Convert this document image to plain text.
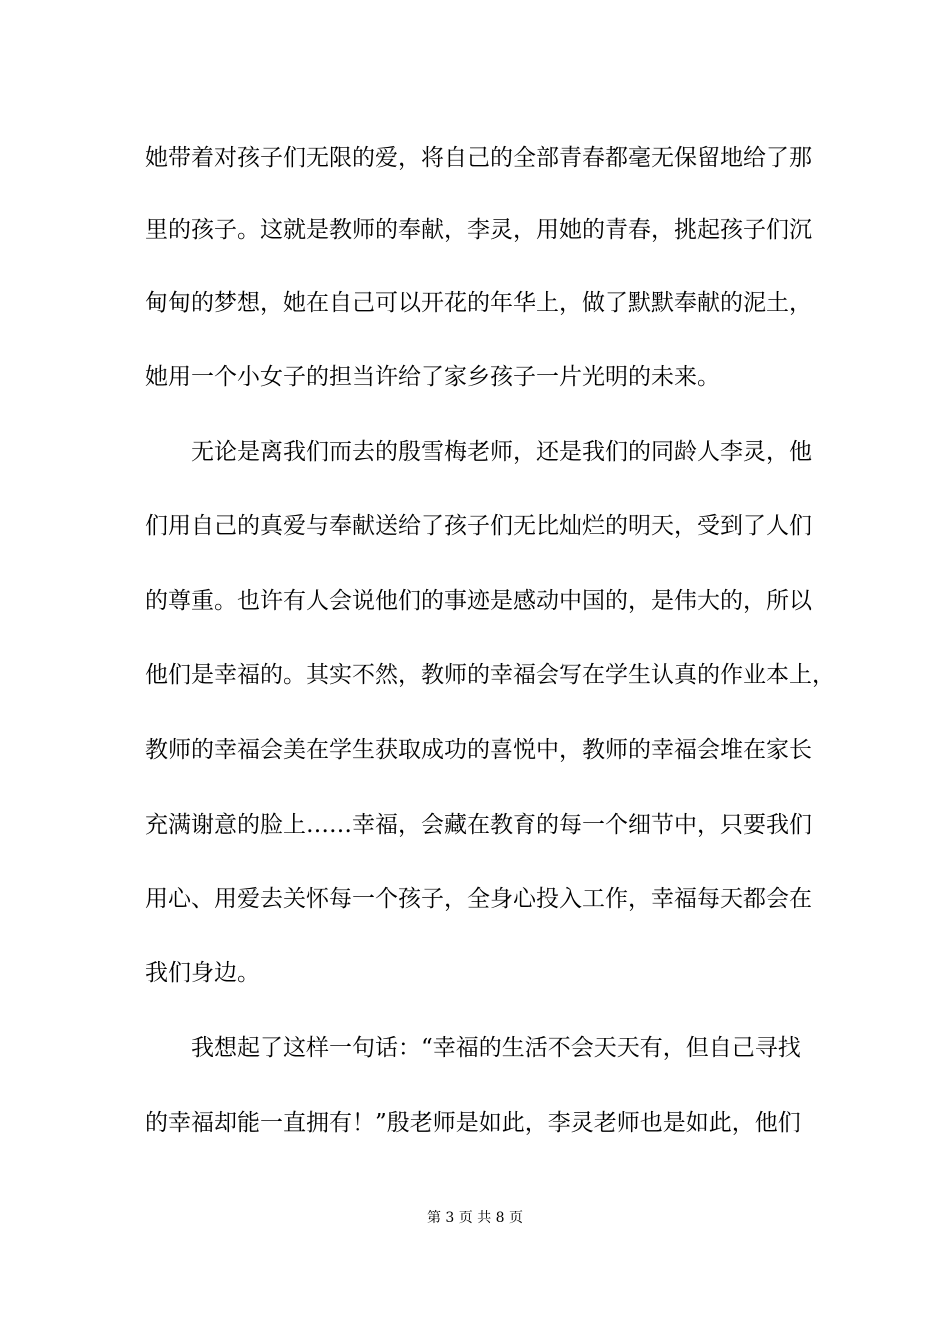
她带着对孩子们无限的爱，将自己的全部青春都毫无保留地给了那
里的孩子。这就是教师的奉献，李灵，用她的青春，挑起孩子们沉
甸甸的梦想，她在自己可以开花的年华上，做了默默奉献的泥土，
她用一个小女子的担当许给了家乡孩子一片光明的未来。
无论是离我们而去的殷雪梅老师，还是我们的同龄人李灵，他
们用自己的真爱与奉献送给了孩子们无比灿烂的明天，受到了人们
的尊重。也许有人会说他们的事迹是感动中国的，是伟大的，所以
他们是幸福的。其实不然，教师的幸福会写在学生认真的作业本上，
教师的幸福会美在学生获取成功的喜悦中，教师的幸福会堆在家长
充满谢意的脸上……幸福，会藏在教育的每一个细节中，只要我们
用心、用爱去关怀每一个孩子，全身心投入工作，幸福每天都会在
我们身边。
我想起了这样一句话：“幸福的生活不会天天有，但自己寻找
的幸福却能一直拥有！”殷老师是如此，李灵老师也是如此，他们
第 3 页 共 8 页
